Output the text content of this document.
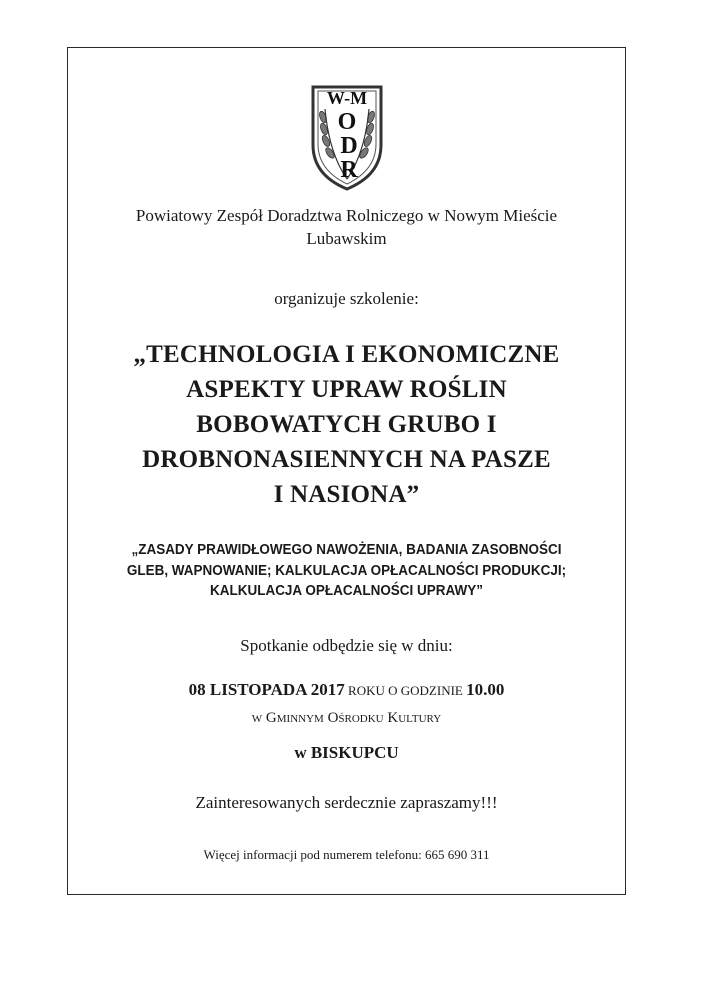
W-M
O
D
R
Powiatowy Zespół Doradztwa Rolniczego w Nowym Mieście
Lubawskim
organizuje szkolenie:
„TECHNOLOGIA I EKONOMICZNE
ASPEKTY UPRAW ROŚLIN
BOBOWATYCH GRUBO I
DROBNONASIENNYCH NA PASZE
I NASIONA”
„ZASADY PRAWIDŁOWEGO NAWOŻENIA, BADANIA ZASOBNOŚCI
GLEB, WAPNOWANIE; KALKULACJA OPŁACALNOŚCI PRODUKCJI;
KALKULACJA OPŁACALNOŚCI UPRAWY”
Spotkanie odbędzie się w dniu:
08 LISTOPADA 2017 ROKU O GODZINIE 10.00
w Gminnym Ośrodku Kultury
w BISKUPCU
Zainteresowanych serdecznie zapraszamy!!!
Więcej informacji pod numerem telefonu: 665 690 311
